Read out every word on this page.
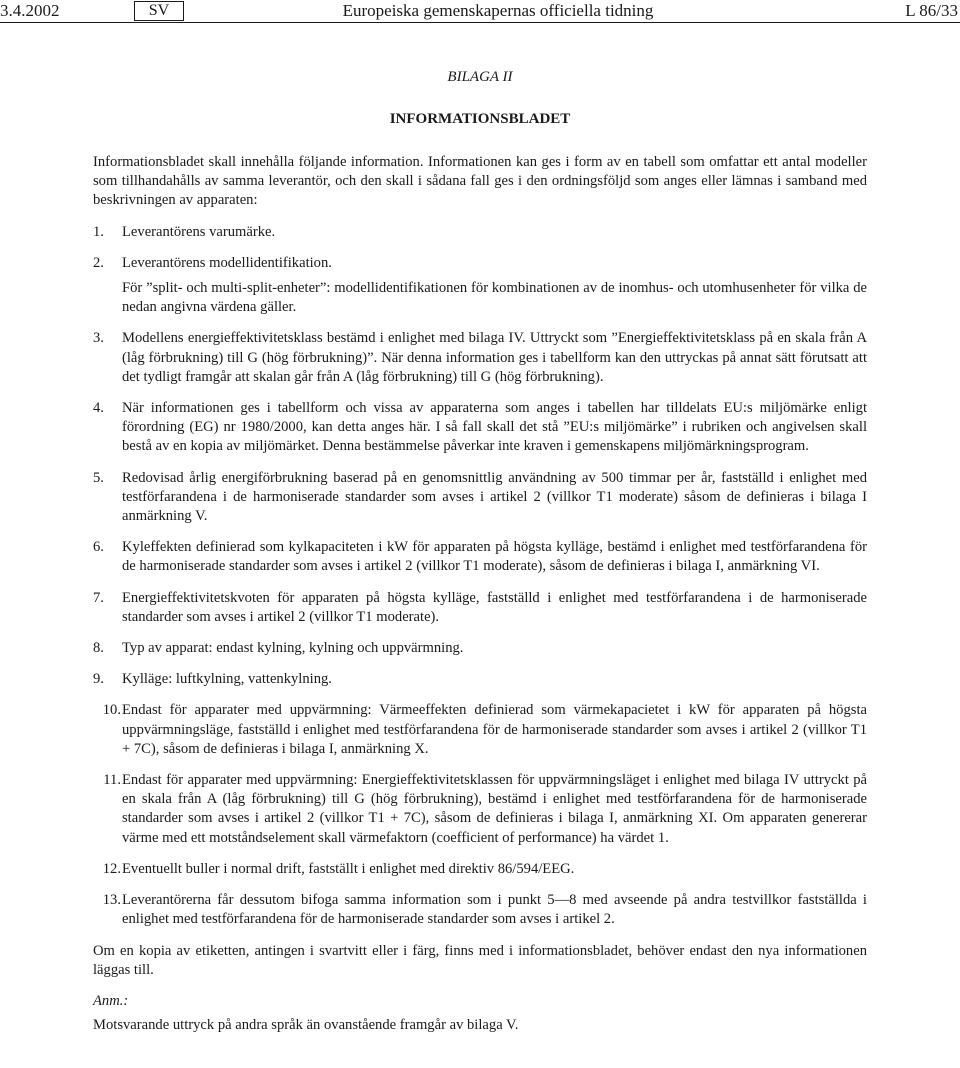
3.4.2002	SV	Europeiska gemenskapernas officiella tidning	L 86/33
BILAGA II
INFORMATIONSBLADET

Informationsbladet skall innehålla följande information. Informationen kan ges i form av en tabell som omfattar ett antal modeller som tillhandahålls av samma leverantör, och den skall i sådana fall ges i den ordningsföljd som anges eller lämnas i samband med beskrivningen av apparaten:

1.	Leverantörens varumärke.
2.	Leverantörens modellidentifikation.
För ”split- och multi-split-enheter”: modellidentifikationen för kombinationen av de inomhus- och utomhusenheter för vilka de nedan angivna värdena gäller.
3.	Modellens energieffektivitetsklass bestämd i enlighet med bilaga IV. Uttryckt som ”Energieffektivitetsklass på en skala från A (låg förbrukning) till G (hög förbrukning)”. När denna information ges i tabellform kan den uttryckas på annat sätt förutsatt att det tydligt framgår att skalan går från A (låg förbrukning) till G (hög förbrukning).
4.	När informationen ges i tabellform och vissa av apparaterna som anges i tabellen har tilldelats EU:s miljömärke enligt förordning (EG) nr 1980/2000, kan detta anges här. I så fall skall det stå ”EU:s miljömärke” i rubriken och angivelsen skall bestå av en kopia av miljömärket. Denna bestämmelse påverkar inte kraven i gemenskapens miljömärkningsprogram.
5.	Redovisad årlig energiförbrukning baserad på en genomsnittlig användning av 500 timmar per år, fastställd i enlighet med testförfarandena i de harmoniserade standarder som avses i artikel 2 (villkor T1 moderate) såsom de definieras i bilaga I anmärkning V.
6.	Kyleffekten definierad som kylkapaciteten i kW för apparaten på högsta kylläge, bestämd i enlighet med testförfarandena för de harmoniserade standarder som avses i artikel 2 (villkor T1 moderate), såsom de definieras i bilaga I, anmärkning VI.
7.	Energieffektivitetskvoten för apparaten på högsta kylläge, fastställd i enlighet med testförfarandena i de harmoniserade standarder som avses i artikel 2 (villkor T1 moderate).
8.	Typ av apparat: endast kylning, kylning och uppvärmning.
9.	Kylläge: luftkylning, vattenkylning.
10. Endast för apparater med uppvärmning: Värmeeffekten definierad som värmekapacietet i kW för apparaten på högsta uppvärmningsläge, fastställd i enlighet med testförfarandena för de harmoniserade standarder som avses i artikel 2 (villkor T1 + 7C), såsom de definieras i bilaga I, anmärkning X.
11. Endast för apparater med uppvärmning: Energieffektivitetsklassen för uppvärmningsläget i enlighet med bilaga IV uttryckt på en skala från A (låg förbrukning) till G (hög förbrukning), bestämd i enlighet med testförfarandena för de harmoniserade standarder som avses i artikel 2 (villkor T1 + 7C), såsom de definieras i bilaga I, anmärkning XI. Om apparaten genererar värme med ett motståndselement skall värmefaktorn (coefficient of performance) ha värdet 1.
12. Eventuellt buller i normal drift, fastställt i enlighet med direktiv 86/594/EEG.
13. Leverantörerna får dessutom bifoga samma information som i punkt 5—8 med avseende på andra testvillkor fastställda i enlighet med testförfarandena för de harmoniserade standarder som avses i artikel 2.

Om en kopia av etiketten, antingen i svartvitt eller i färg, finns med i informationsbladet, behöver endast den nya informationen läggas till.

Anm.:

Motsvarande uttryck på andra språk än ovanstående framgår av bilaga V.
